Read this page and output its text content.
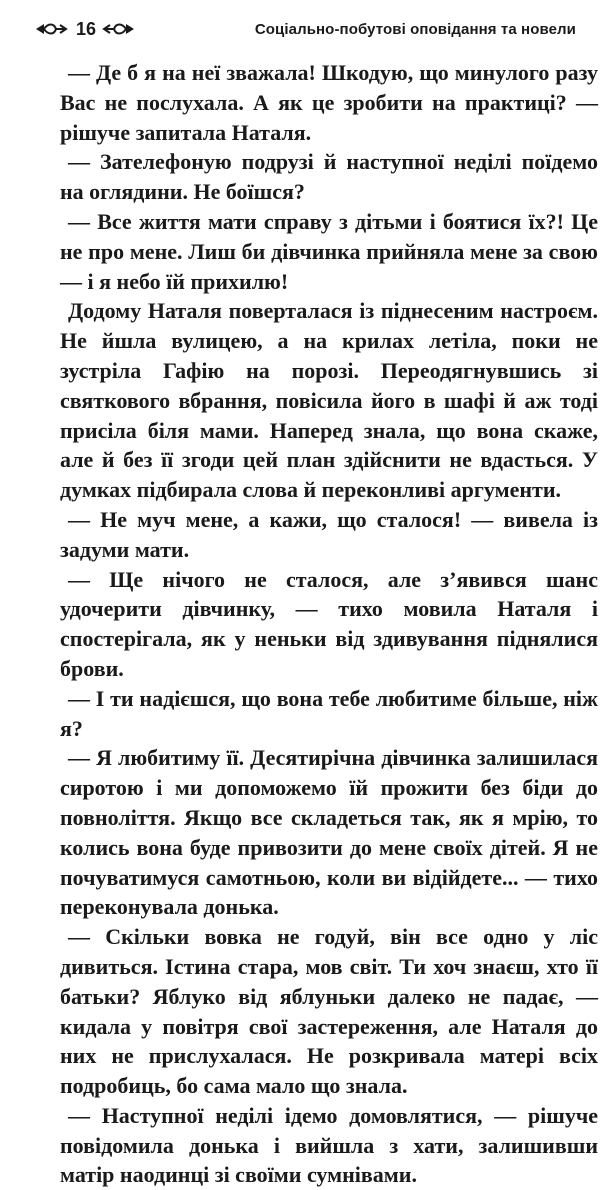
16	Соціально-побутові оповідання та новели

— Де б я на неї зважала! Шкодую, що минулого разу Вас не послухала. А як це зробити на практиці? — рішуче запитала Наталя.

— Зателефоную подрузі й наступної неділі поїдемо на оглядини. Не боїшся?

— Все життя мати справу з дітьми і боятися їх?! Це не про мене. Лиш би дівчинка прийняла мене за свою — і я небо їй прихилю!

Додому Наталя поверталася із піднесеним настроєм. Не йшла вулицею, а на крилах летіла, поки не зустріла Гафію на порозі. Переодягнувшись зі святкового вбрання, повісила його в шафі й аж тоді присіла біля мами. Наперед знала, що вона скаже, але й без її згоди цей план здійснити не вдасться. У думках підбирала слова й переконливі аргументи.

— Не муч мене, а кажи, що сталося! — вивела із задуми мати.

— Ще нічого не сталося, але з’явився шанс удочерити дівчинку, — тихо мовила Наталя і спостерігала, як у неньки від здивування піднялися брови.

— І ти надієшся, що вона тебе любитиме більше, ніж я?

— Я любитиму її. Десятирічна дівчинка залишилася сиротою і ми допоможемо їй прожити без біди до повноліття. Якщо все складеться так, як я мрію, то колись вона буде привозити до мене своїх дітей. Я не почуватимуся самотньою, коли ви відійдете... — тихо переконувала донька.

— Скільки вовка не годуй, він все одно у ліс дивиться. Істина стара, мов світ. Ти хоч знаєш, хто її батьки? Яблуко від яблуньки далеко не падає, — кидала у повітря свої застереження, але Наталя до них не прислухалася. Не розкривала матері всіх подробиць, бо сама мало що знала.

— Наступної неділі ідемо домовлятися, — рішуче повідомила донька і вийшла з хати, залишивши матір наодинці зі своїми сумнівами.
